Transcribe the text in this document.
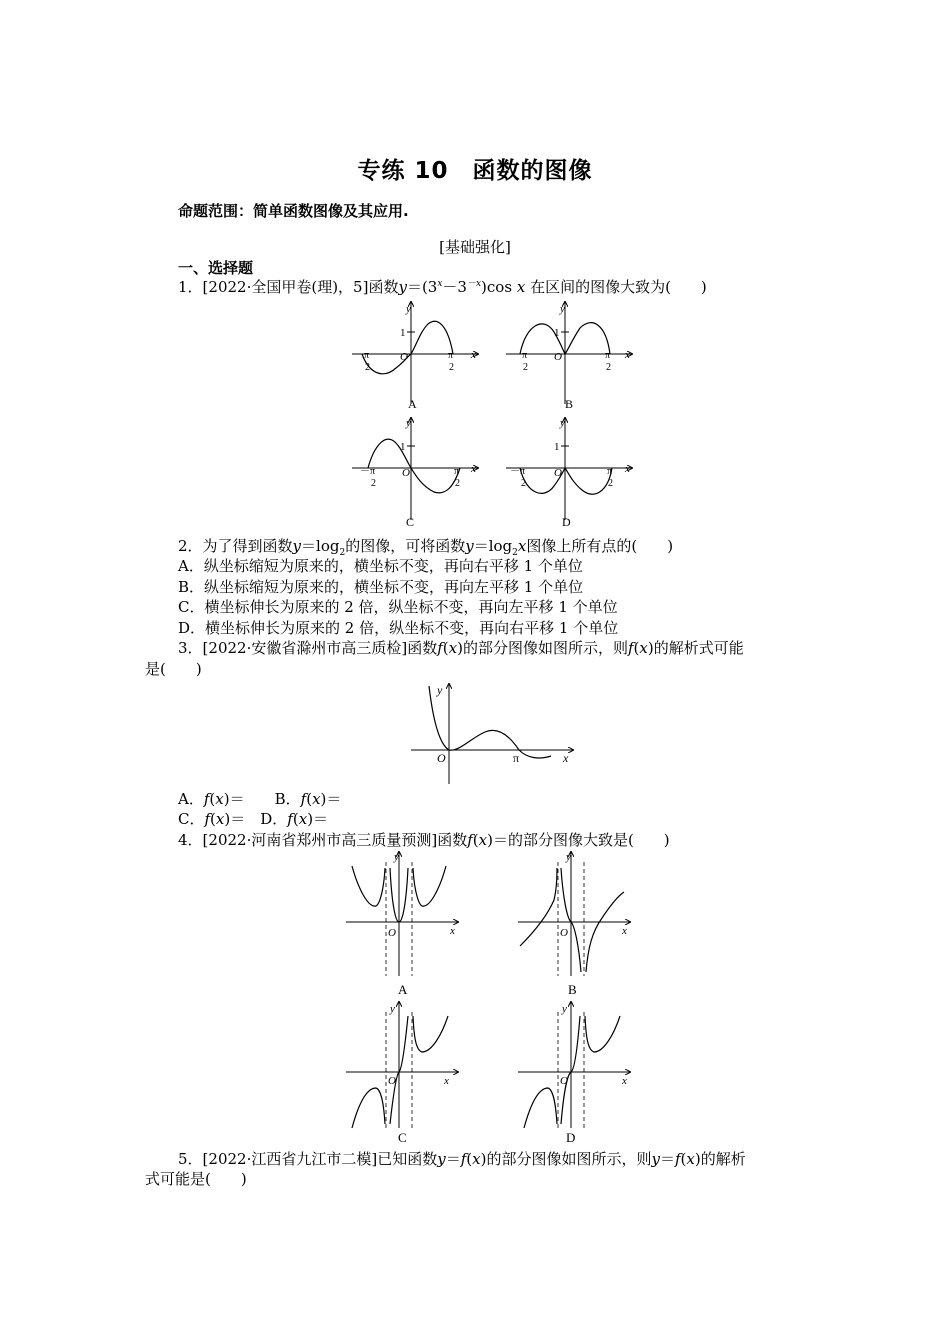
专练 10　函数的图像
命题范围：简单函数图像及其应用.
[基础强化]
一、选择题
1．[2022·全国甲卷(理)，5]函数$y=(3^x-3^{-x})\cos$ x 在区间的图像大致为(　　)
y
x
O
1
－π
2
π
2
A
y
x
O
1
－π
2
π
2
B
y
x
O
1
－π
2
π
2
C
y
x
O
1
－π
2
π
2
D
2．为了得到函数$y=\log_2$的图像，可将函数$y=\log_2x$图像上所有点的(　　)
A．纵坐标缩短为原来的，横坐标不变，再向右平移 1 个单位
B．纵坐标缩短为原来的，横坐标不变，再向左平移 1 个单位
C．横坐标伸长为原来的 2 倍，纵坐标不变，再向左平移 1 个单位
D．横坐标伸长为原来的 2 倍，纵坐标不变，再向右平移 1 个单位
3．[2022·安徽省滁州市高三质检]函数f(x)的部分图像如图所示，则f(x)的解析式可能
是(　　)
y
x
O	π
A．f(x)＝　　 B．f(x)＝
C．f(x)＝　 D．f(x)＝
4．[2022·河南省郑州市高三质量预测]函数f(x)＝的部分图像大致是(　　)
y
x
O
A
y
x
O
B
y
x
O
C
y
x
O
D
5．[2022·江西省九江市二模]已知函数y＝f(x)的部分图像如图所示，则y＝f(x)的解析
式可能是(　　)
